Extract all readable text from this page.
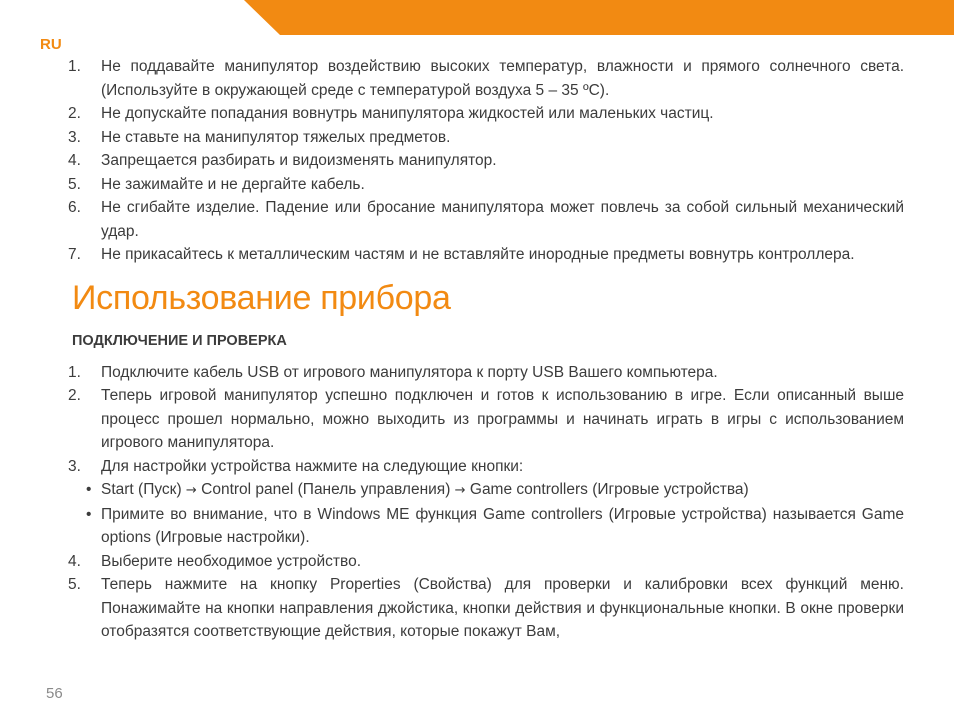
RU
1.	Не поддавайте манипулятор воздействию высоких температур, влажности и прямого солнечного света. (Используйте в окружающей среде с температурой воздуха 5 – 35 ºС).
2.	Не допускайте попадания вовнутрь манипулятора жидкостей или маленьких частиц.
3.	Не ставьте на манипулятор тяжелых предметов.
4.	Запрещается разбирать и видоизменять манипулятор.
5.	Не зажимайте и не дергайте кабель.
6.	Не сгибайте изделие. Падение или бросание манипулятора может повлечь за собой сильный механический удар.
7.	Не прикасайтесь к металлическим частям и не вставляйте инородные предметы вовнутрь контроллера.
Использование прибора
ПОДКЛЮЧЕНИЕ И ПРОВЕРКА
1.	Подключите кабель USB от игрового манипулятора к порту USB Вашего компьютера.
2.	Теперь игровой манипулятор успешно подключен и готов к использованию в игре. Если описанный выше процесс прошел нормально, можно выходить из программы и начинать играть в игры с использованием игрового манипулятора.
3.	Для настройки устройства нажмите на следующие кнопки:
• Start (Пуск) → Control panel (Панель управления) → Game controllers (Игровые устройства)
• Примите во внимание, что в Windows ME функция Game controllers (Игровые устройства) называется Game options (Игровые настройки).
4.	Выберите необходимое устройство.
5.	Теперь нажмите на кнопку Properties (Свойства) для проверки и калибровки всех функций меню. Понажимайте на кнопки направления джойстика, кнопки действия и функциональные кнопки. В окне проверки отобразятся соответствующие действия, которые покажут Вам,
56
